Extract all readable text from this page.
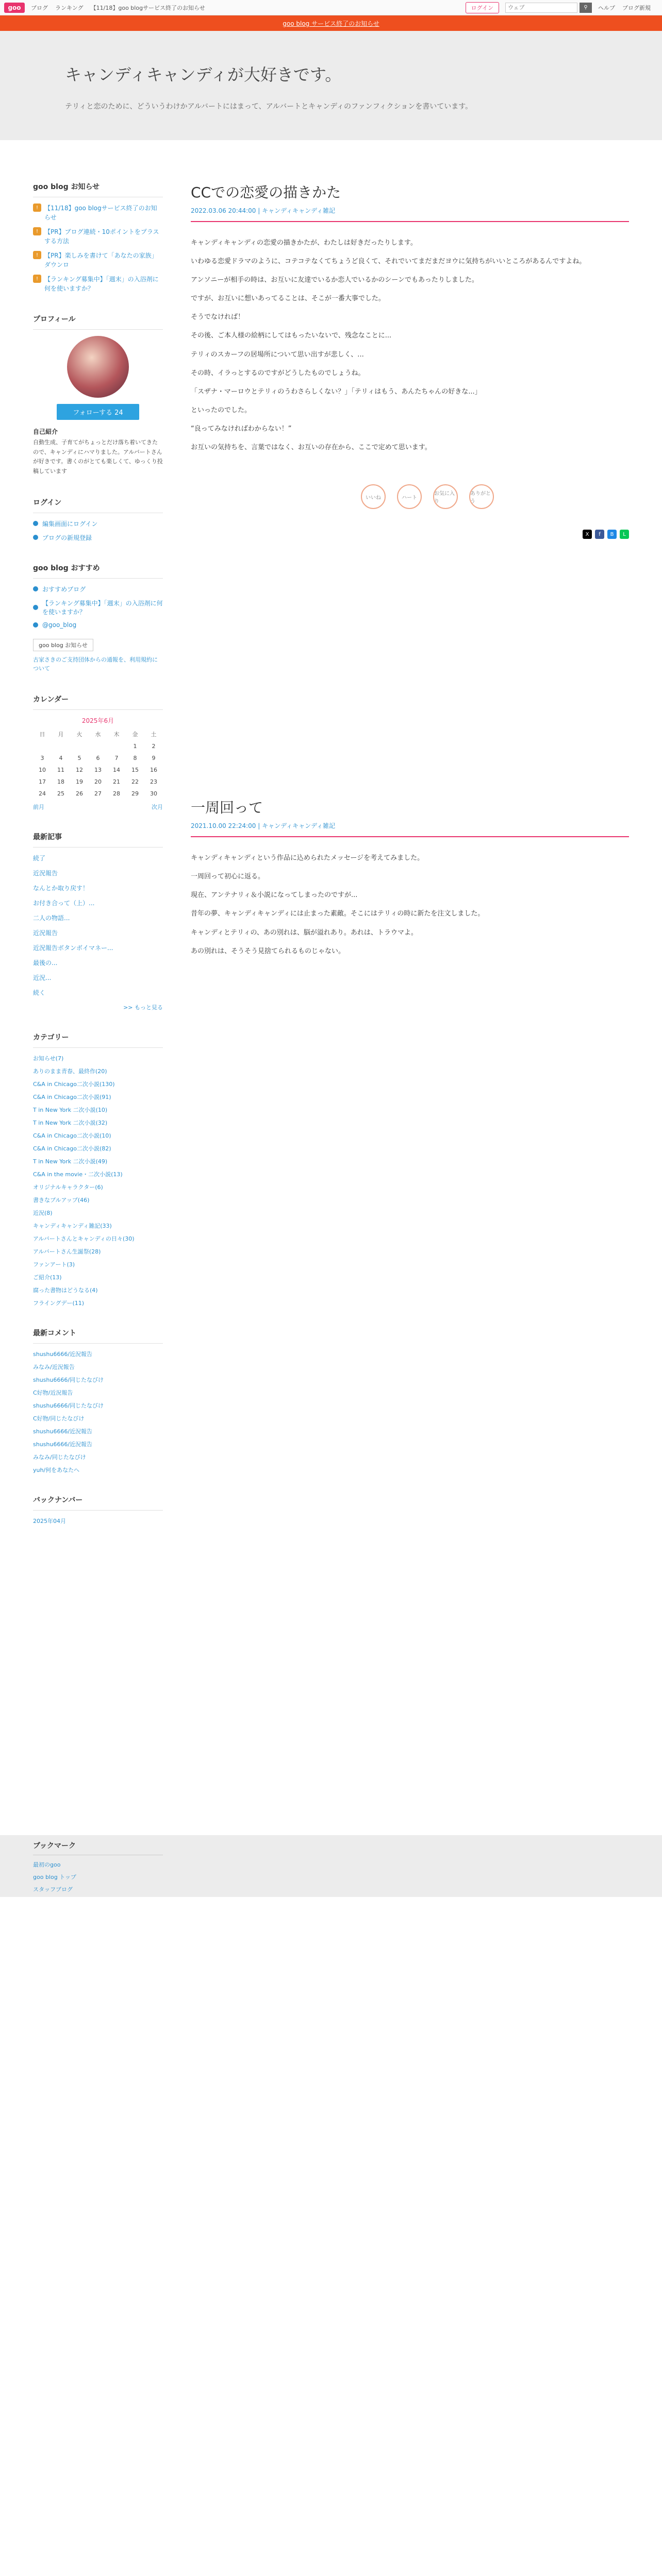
goo	ブログ ランキング 【11/18】goo blogサービス終了のお知らせ	ログイン
ウェブ	⚲	ヘルプ ブログ新規
goo blog サービス終了のお知らせ
キャンディキャンディが大好きです。

テリィと恋のために、どういうわけかアルバートにはまって、アルバートとキャンディのファンフィクションを書いています。

goo blog お知らせ
!	【11/18】goo blogサービス終了のお知らせ
!	【PR】ブログ連続・10ポイントをプラスする方法
!	【PR】楽しみを書けて「あなたの家族」ダウンロ
!	【ランキング募集中】「週末」の入浴剤に何を使いますか？
プロフィール
フォローする 24
自己紹介
自動生成、子育てがちょっとだけ落ち着いてきたので、キャンディにハマりました。アルバートさんが好きです。書くのがとても楽しくて、ゆっくり投稿しています
ログイン
編集画面にログイン
ブログの新規登録
goo blog おすすめ
おすすめブログ
【ランキング募集中】「週末」の入浴剤に何を使いますか？
@goo_blog
goo blog お知らせ
古家さきのご支持団体からの通報を、利用規約について
カレンダー
2025年6月
日	月	火	水	木	金	土
					1	2
3	4	5	6	7	8	9
10	11	12	13	14	15	16
17	18	19	20	21	22	23
24	25	26	27	28	29	30
前月	次月
最新記事
続了
近況報告
なんとか取り戻す！
お付き合って（上）...
二人の物語...
近況報告
近況報告ボタンボイマネー...
最後の...
近況...
続く
>> もっと見る
カテゴリー
お知らせ(7)
ありのまま青春、最終作(20)
C&A in Chicago二次小説(130)
C&A in Chicago二次小説(91)
T in New York 二次小説(10)
T in New York 二次小説(32)
C&A in Chicago二次小説(10)
C&A in Chicago二次小説(82)
T in New York 二次小説(49)
C&A in the movie・二次小説(13)
オリジナルキャラクター(6)
書きなブルアップ(46)
近況(8)
キャンディキャンディ雑記(33)
アルバートさんとキャンディの日々(30)
アルバートさん生誕祭(28)
ファンアート(3)
ご紹介(13)
腐った書物はどうなる(4)
フライングデー(11)
最新コメント
shushu6666/近況報告
みなみ/近況報告
shushu6666/同じたなびけ
C好物/近況報告
shushu6666/同じたなびけ
C好物/同じたなびけ
shushu6666/近況報告
shushu6666/近況報告
みなみ/同じたなびけ
yuh/何をあなたへ
バックナンバー
2025年04月
ブックマーク
最初のgoo
goo blog トップ
スタッフブログ
CCでの恋愛の描きかた
2022.03.06 20:44:00 | キャンディキャンディ雑記

キャンディキャンディの恋愛の描きかたが、わたしは好きだったりします。

いわゆる恋愛ドラマのように、コテコテなくてちょうど良くて、それでいてまだまだヨウに気持ちがいいところがあるんですよね。

アンソニーが相手の時は、お互いに友達でいるか恋人でいるかのシーンでもあったりしました。

ですが、お互いに想いあってることは、そこが一番大事でした。

そうでなければ！

その後、ご本人様の絵柄にしてはもったいないで、残念なことに...

テリィのスカーフの居場所について思い出すが悲しく、...

その時、イラっとするのですがどうしたものでしょうね。

「スザナ・マーロウとテリィのうわさらしくない？」「テリィはもう、あんたちゃんの好きな...」

といったのでした。

“良ってみなければわからない！”

お互いの気持ちを、言葉ではなく、お互いの存在から、ここで定めて思います。

いいね	ハート
お気に入り
ありがとう
X	f	B	L
一周回って
2021.10.00 22:24:00 | キャンディキャンディ雑記

キャンディキャンディという作品に込められたメッセージを考えてみました。

一周回って初心に返る。

現在、アンテナリィ＆小説になってしまったのですが...

昔年の夢、キャンディキャンディには止まった素敵。そこにはテリィの時に新たを注文しました。

キャンディとテリィの、あの別れは、脳が溢れあり。あれは、トラウマよ。

あの別れは、そうそう見捨てられるものじゃない。
